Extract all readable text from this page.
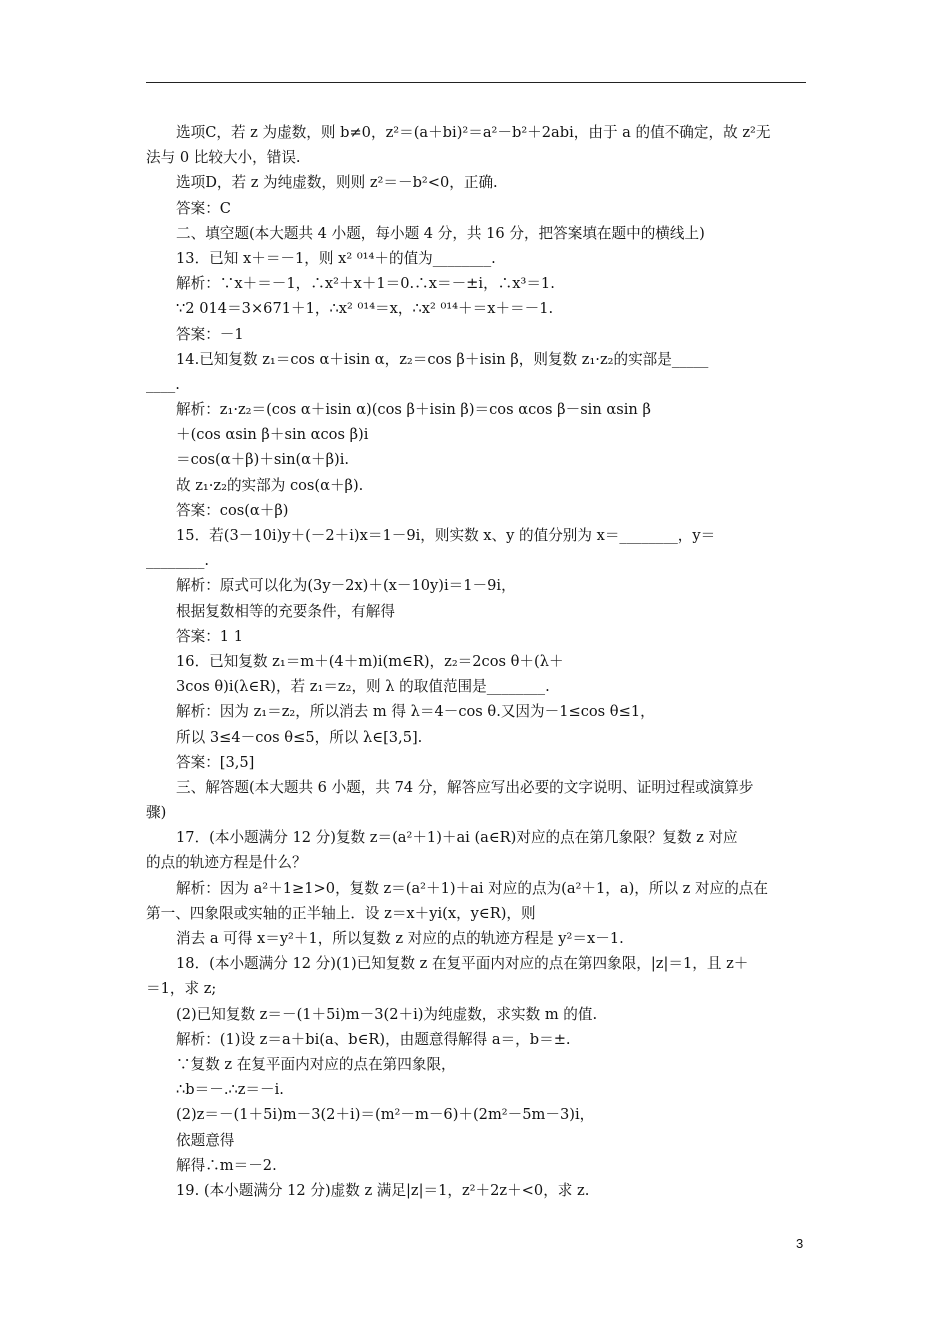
选项C，若 z 为虚数，则 b≠0，z²＝(a＋bi)²＝a²－b²＋2abi，由于 a 的值不确定，故 z²无
法与 0 比较大小，错误.
选项D，若 z 为纯虚数，则则 z²＝－b²<0，正确.
答案：C
二、填空题(本大题共 4 小题，每小题 4 分，共 16 分，把答案填在题中的横线上)
13．已知 x＋＝－1，则 x² ⁰¹⁴＋的值为________.
解析：∵x＋＝－1，∴x²＋x＋1＝0.∴x＝－±i，∴x³＝1.
∵2 014＝3×671＋1，∴x² ⁰¹⁴＝x，∴x² ⁰¹⁴＋＝x＋＝－1.
答案：－1
14.已知复数 z₁＝cos α＋isin α，z₂＝cos β＋isin β，则复数 z₁·z₂的实部是_____
____.
解析：z₁·z₂＝(cos α＋isin α)(cos β＋isin β)＝cos αcos β－sin αsin β
＋(cos αsin β＋sin αcos β)i
＝cos(α＋β)＋sin(α＋β)i.
故 z₁·z₂的实部为 cos(α＋β).
答案：cos(α＋β)
15．若(3－10i)y＋(－2＋i)x＝1－9i，则实数 x、y 的值分别为 x＝________，y＝
________.
解析：原式可以化为(3y－2x)＋(x－10y)i＝1－9i，
根据复数相等的充要条件，有解得
答案：1 1
16．已知复数 z₁＝m＋(4＋m)i(m∈R)，z₂＝2cos θ＋(λ＋
3cos θ)i(λ∈R)，若 z₁＝z₂，则 λ 的取值范围是________.
解析：因为 z₁＝z₂，所以消去 m 得 λ＝4－cos θ.又因为－1≤cos θ≤1，
所以 3≤4－cos θ≤5，所以 λ∈[3,5].
答案：[3,5]
三、解答题(本大题共 6 小题，共 74 分，解答应写出必要的文字说明、证明过程或演算步
骤)
17．(本小题满分 12 分)复数 z＝(a²＋1)＋ai (a∈R)对应的点在第几象限？复数 z 对应
的点的轨迹方程是什么？
解析：因为 a²＋1≥1>0，复数 z＝(a²＋1)＋ai 对应的点为(a²＋1，a)，所以 z 对应的点在
第一、四象限或实轴的正半轴上．设 z＝x＋yi(x，y∈R)，则
消去 a 可得 x＝y²＋1，所以复数 z 对应的点的轨迹方程是 y²＝x－1.
18．(本小题满分 12 分)(1)已知复数 z 在复平面内对应的点在第四象限，|z|＝1，且 z＋
＝1，求 z;
(2)已知复数 z＝－(1＋5i)m－3(2＋i)为纯虚数，求实数 m 的值.
解析：(1)设 z＝a＋bi(a、b∈R)，由题意得解得 a＝，b＝±.
∵复数 z 在复平面内对应的点在第四象限，
∴b＝－.∴z＝－i.
(2)z＝－(1＋5i)m－3(2＋i)＝(m²－m－6)＋(2m²－5m－3)i，
依题意得
解得∴m＝－2.
19. (本小题满分 12 分)虚数 z 满足|z|＝1，z²＋2z＋<0，求 z.
3
